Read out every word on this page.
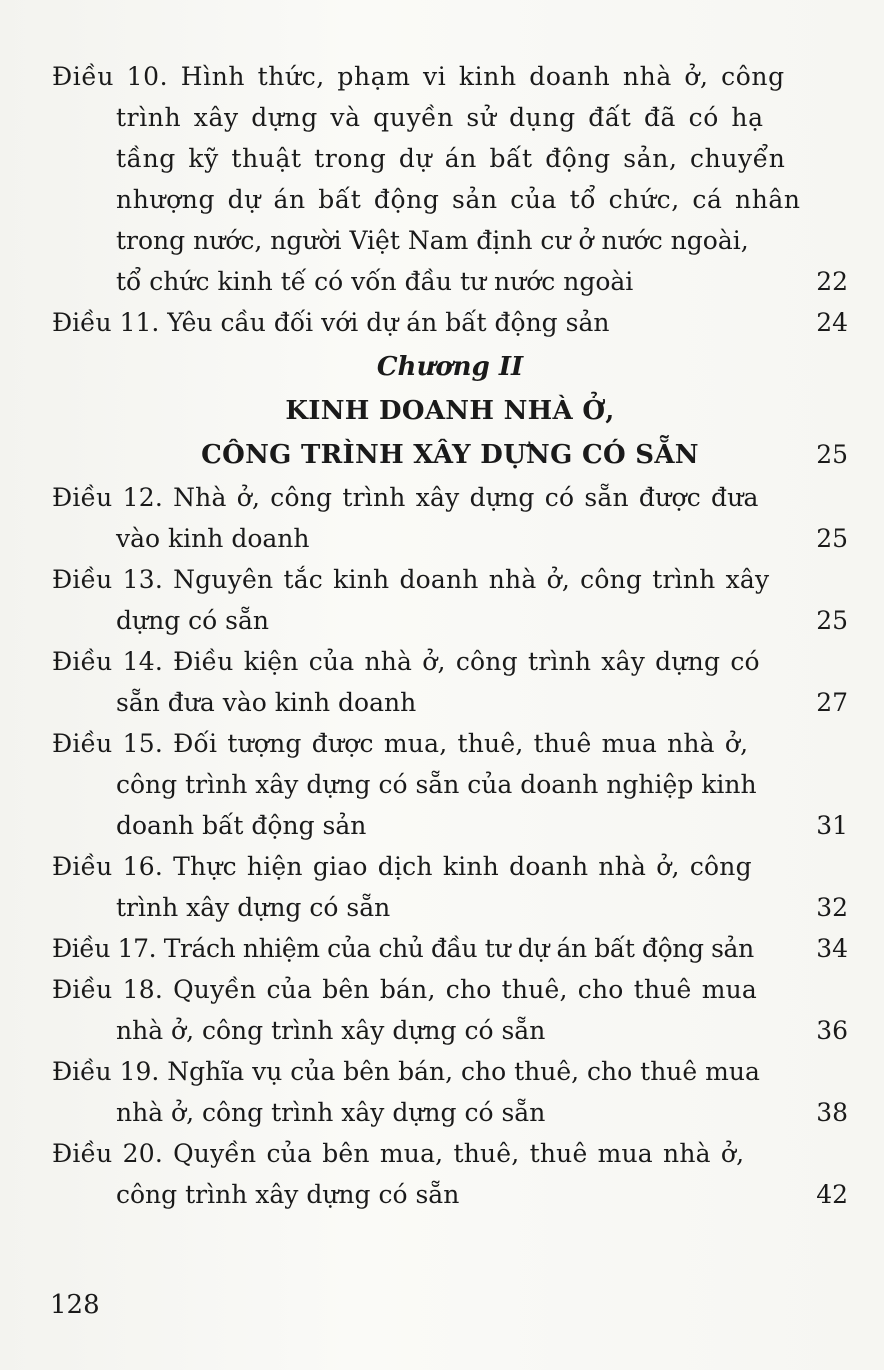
Điều 10. Hình thức, phạm vi kinh doanh nhà ở, công
trình xây dựng và quyền sử dụng đất đã có hạ
tầng kỹ thuật trong dự án bất động sản, chuyển
nhượng dự án bất động sản của tổ chức, cá nhân
trong nước, người Việt Nam định cư ở nước ngoài,
tổ chức kinh tế có vốn đầu tư nước ngoài	22
Điều 11. Yêu cầu đối với dự án bất động sản	24
Chương II
KINH DOANH NHÀ Ở,
CÔNG TRÌNH XÂY DỰNG CÓ SẴN	25
Điều 12. Nhà ở, công trình xây dựng có sẵn được đưa
vào kinh doanh	25
Điều 13. Nguyên tắc kinh doanh nhà ở, công trình xây
dựng có sẵn	25
Điều 14. Điều kiện của nhà ở, công trình xây dựng có
sẵn đưa vào kinh doanh	27
Điều 15. Đối tượng được mua, thuê, thuê mua nhà ở,
công trình xây dựng có sẵn của doanh nghiệp kinh
doanh bất động sản	31
Điều 16. Thực hiện giao dịch kinh doanh nhà ở, công
trình xây dựng có sẵn	32
Điều 17. Trách nhiệm của chủ đầu tư dự án bất động sản	34
Điều 18. Quyền của bên bán, cho thuê, cho thuê mua
nhà ở, công trình xây dựng có sẵn	36
Điều 19. Nghĩa vụ của bên bán, cho thuê, cho thuê mua
nhà ở, công trình xây dựng có sẵn	38
Điều 20. Quyền của bên mua, thuê, thuê mua nhà ở,
công trình xây dựng có sẵn	42
128
